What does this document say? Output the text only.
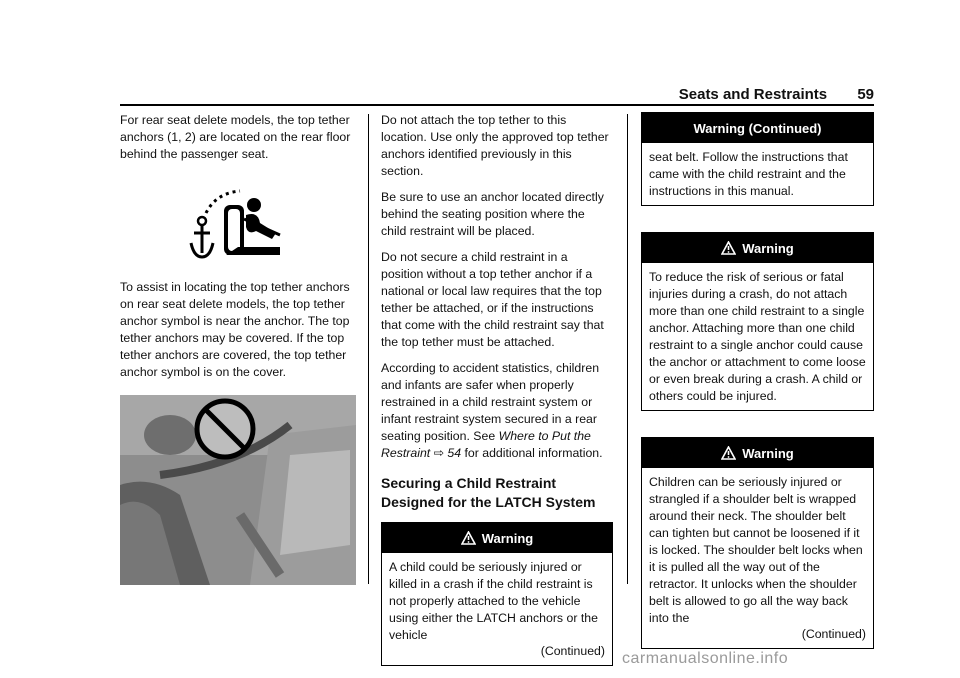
Seats and Restraints 59

For rear seat delete models, the top tether anchors (1, 2) are located on the rear floor behind the passenger seat.

To assist in locating the top tether anchors on rear seat delete models, the top tether anchor symbol is near the anchor. The top tether anchors may be covered. If the top tether anchors are covered, the top tether anchor symbol is on the cover.

Do not attach the top tether to this location. Use only the approved top tether anchors identified previously in this section.

Be sure to use an anchor located directly behind the seating position where the child restraint will be placed.

Do not secure a child restraint in a position without a top tether anchor if a national or local law requires that the top tether be attached, or if the instructions that come with the child restraint say that the top tether must be attached.

According to accident statistics, children and infants are safer when properly restrained in a child restraint system or infant restraint system secured in a rear seating position. See Where to Put the Restraint ⇨ 54 for additional information.

Securing a Child Restraint Designed for the LATCH System
Warning

A child could be seriously injured or killed in a crash if the child restraint is not properly attached to the vehicle using either the LATCH anchors or the vehicle

(Continued)
Warning (Continued)

seat belt. Follow the instructions that came with the child restraint and the instructions in this manual.

Warning

To reduce the risk of serious or fatal injuries during a crash, do not attach more than one child restraint to a single anchor. Attaching more than one child restraint to a single anchor could cause the anchor or attachment to come loose or even break during a crash. A child or others could be injured.

Warning

Children can be seriously injured or strangled if a shoulder belt is wrapped around their neck. The shoulder belt can tighten but cannot be loosened if it is locked. The shoulder belt locks when it is pulled all the way out of the retractor. It unlocks when the shoulder belt is allowed to go all the way back into the

(Continued)
carmanualsonline.info
